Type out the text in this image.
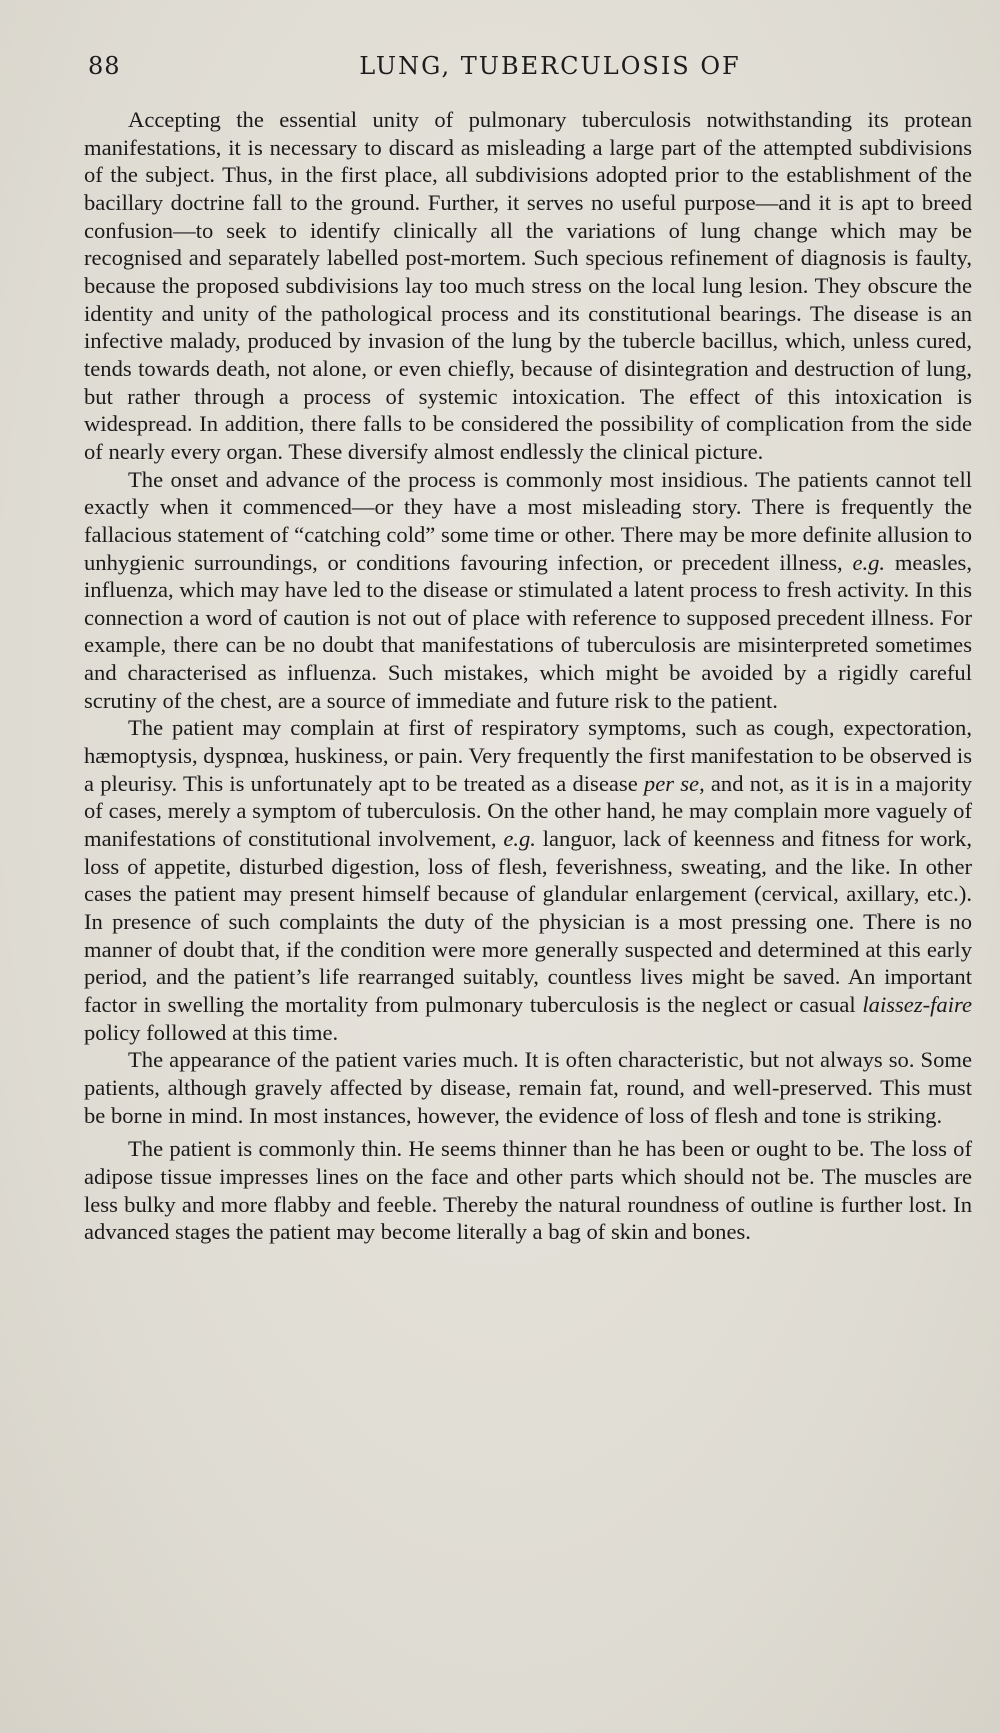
88	LUNG, TUBERCULOSIS OF

Accepting the essential unity of pulmonary tuberculosis notwithstanding its protean manifestations, it is necessary to discard as misleading a large part of the attempted subdivisions of the subject. Thus, in the first place, all subdivisions adopted prior to the establishment of the bacillary doctrine fall to the ground. Further, it serves no useful purpose—and it is apt to breed confusion—to seek to identify clinically all the variations of lung change which may be recognised and separately labelled post-mortem. Such specious refinement of diagnosis is faulty, because the proposed subdivisions lay too much stress on the local lung lesion. They obscure the identity and unity of the pathological process and its constitutional bearings. The disease is an infective malady, produced by invasion of the lung by the tubercle bacillus, which, unless cured, tends towards death, not alone, or even chiefly, because of disintegration and destruction of lung, but rather through a process of systemic intoxication. The effect of this intoxication is widespread. In addition, there falls to be considered the possibility of complication from the side of nearly every organ. These diversify almost endlessly the clinical picture.

The onset and advance of the process is commonly most insidious. The patients cannot tell exactly when it commenced—or they have a most misleading story. There is frequently the fallacious statement of “catching cold” some time or other. There may be more definite allusion to unhygienic surroundings, or conditions favouring infection, or precedent illness, e.g. measles, influenza, which may have led to the disease or stimulated a latent process to fresh activity. In this connection a word of caution is not out of place with reference to supposed precedent illness. For example, there can be no doubt that manifestations of tuberculosis are misinterpreted sometimes and characterised as influenza. Such mistakes, which might be avoided by a rigidly careful scrutiny of the chest, are a source of immediate and future risk to the patient.

The patient may complain at first of respiratory symptoms, such as cough, expectoration, hæmoptysis, dyspnœa, huskiness, or pain. Very frequently the first manifestation to be observed is a pleurisy. This is unfortunately apt to be treated as a disease per se, and not, as it is in a majority of cases, merely a symptom of tuberculosis. On the other hand, he may complain more vaguely of manifestations of constitutional involvement, e.g. languor, lack of keenness and fitness for work, loss of appetite, disturbed digestion, loss of flesh, feverishness, sweating, and the like. In other cases the patient may present himself because of glandular enlargement (cervical, axillary, etc.). In presence of such complaints the duty of the physician is a most pressing one. There is no manner of doubt that, if the condition were more generally suspected and determined at this early period, and the patient’s life rearranged suitably, countless lives might be saved. An important factor in swelling the mortality from pulmonary tuberculosis is the neglect or casual laissez-faire policy followed at this time.

The appearance of the patient varies much. It is often characteristic, but not always so. Some patients, although gravely affected by disease, remain fat, round, and well-preserved. This must be borne in mind. In most instances, however, the evidence of loss of flesh and tone is striking.

The patient is commonly thin. He seems thinner than he has been or ought to be. The loss of adipose tissue impresses lines on the face and other parts which should not be. The muscles are less bulky and more flabby and feeble. Thereby the natural roundness of outline is further lost. In advanced stages the patient may become literally a bag of skin and bones.
